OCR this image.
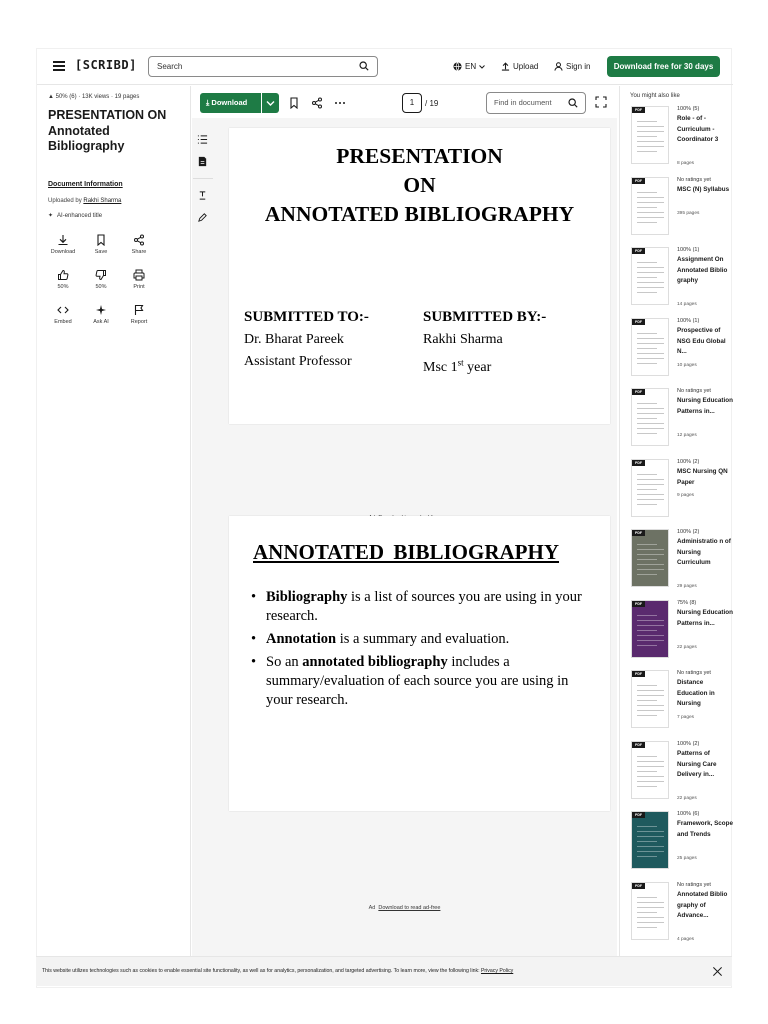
[SCRIBD]	Search	EN	Upload	Sign in	Download free for 30 days
▲ 50% (6) · 13K views · 19 pages
PRESENTATION ON Annotated Bibliography
Document Information
Uploaded by Rakhi Sharma
✦ AI-enhanced title
Download	Save	Share
50%	50%	Print
Embed	Ask AI	Report
PRESENTATION
ON
ANNOTATED BIBLIOGRAPHY
SUBMITTED TO:-
Dr. Bharat Pareek
Assistant Professor
SUBMITTED BY:-
Rakhi Sharma
Msc 1st year

ANNOTATED BIBLIOGRAPHY
• Bibliography is a list of sources you are using in your research.
• Annotation is a summary and evaluation.
• So an annotated bibliography includes a summary/evaluation of each source you are using in your research.
Ad Download to read ad-free
⤓ Download	1	/ 19	Find in document
You might also like
PDF	100% (5)
Role - of - Curriculum - Coordinator 3
8 pages
PDF	No ratings yet
MSC (N) Syllabus
395 pages
PDF	100% (1)
Assignment On Annotated Biblio graphy
14 pages
PDF	100% (1)
Prospective of NSG Edu Global N...
10 pages
PDF	No ratings yet
Nursing Education Patterns in...
12 pages
PDF	100% (2)
MSC Nursing QN Paper
9 pages
PDF	100% (2)
Administratio n of Nursing Curriculum
29 pages
PDF	75% (8)
Nursing Education Patterns in...
22 pages
PDF	No ratings yet
Distance Education in Nursing
7 pages
PDF	100% (2)
Patterns of Nursing Care Delivery in...
22 pages
PDF	100% (6)
Framework, Scope and Trends
25 pages
PDF	No ratings yet
Annotated Biblio graphy of Advance...
4 pages
This website utilizes technologies such as cookies to enable essential site functionality, as well as for analytics, personalization, and targeted advertising. To learn more, view the following link: Privacy Policy
